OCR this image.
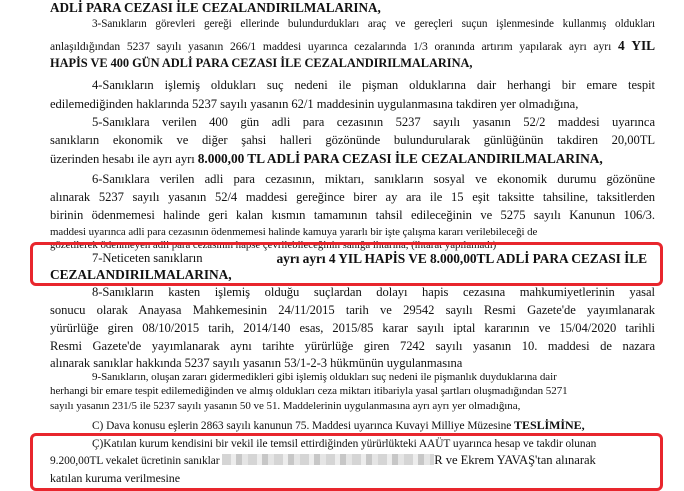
ADLİ PARA CEZASI İLE CEZALANDIRILMALARINA,
3-Sanıkların görevleri gereği ellerinde bulundurdukları araç ve gereçleri suçun işlenmesinde kullanmış oldukları
anlaşıldığından 5237 sayılı yasanın 266/1 maddesi uyarınca cezalarında 1/3 oranında artırım yapılarak ayrı ayrı 4 YIL
HAPİS VE 400 GÜN ADLİ PARA CEZASI İLE CEZALANDIRILMALARINA,
4-Sanıkların işlemiş oldukları suç nedeni ile pişman olduklarına dair herhangi bir emare tespit
edilemediğinden haklarında 5237 sayılı yasanın 62/1 maddesinin uygulanmasına takdiren yer olmadığına,
5-Sanıklara verilen 400 gün adli para cezasının 5237 sayılı yasanın 52/2 maddesi uyarınca
sanıkların ekonomik ve diğer şahsi halleri gözönünde bulundurularak günlüğünün takdiren 20,00TL
üzerinden hesabı ile ayrı ayrı 8.000,00 TL ADLİ PARA CEZASI İLE CEZALANDIRILMALARINA,
6-Sanıklara verilen adli para cezasının, miktarı, sanıkların sosyal ve ekonomik durumu gözönüne
alınarak 5237 sayılı yasanın 52/4 maddesi gereğince birer ay ara ile 15 eşit taksitte tahsiline, taksitlerden
birinin ödenmemesi halinde geri kalan kısmın tamamının tahsil edileceğinin ve 5275 sayılı Kanunun 106/3.
maddesi uyarınca adli para cezasının ödenmemesi halinde kamuya yararlı bir işte çalışma kararı verilebileceği de
gözetilerek ödenmeyen adli para cezasının hapse çevrilebileceğinin sanığa ihtarına, (ihtarat yapılamadı)
7-Neticeten sanıkların	ayrı ayrı 4 YIL HAPİS VE 8.000,00TL ADLİ PARA CEZASI İLE
CEZALANDIRILMALARINA,
8-Sanıkların kasten işlemiş olduğu suçlardan dolayı hapis cezasına mahkumiyetlerinin yasal
sonucu olarak Anayasa Mahkemesinin 24/11/2015 tarih ve 29542 sayılı Resmi Gazete'de yayımlanarak
yürürlüğe giren 08/10/2015 tarih, 2014/140 esas, 2015/85 karar sayılı iptal kararının ve 15/04/2020 tarihli
Resmi Gazete'de yayımlanarak aynı tarihte yürürlüğe giren 7242 sayılı yasanın 10. maddesi de nazara
alınarak sanıklar hakkında 5237 sayılı yasanın 53/1-2-3 hükmünün uygulanmasına
9-Sanıkların, oluşan zararı gidermedikleri gibi işlemiş oldukları suç nedeni ile pişmanlık duyduklarına dair
herhangi bir emare tespit edilemediğinden ve almış oldukları ceza miktarı itibariyla yasal şartları oluşmadığından 5271
sayılı yasanın 231/5 ile 5237 sayılı yasanın 50 ve 51. Maddelerinin uygulanmasına ayrı ayrı yer olmadığına,
C) Dava konusu eşlerin 2863 sayılı kanunun 75. Maddesi uyarınca Kuvayi Milliye Müzesine TESLİMİNE,
Ç)Katılan kurum kendisini bir vekil ile temsil ettirdiğinden yürürlükteki AAÜT uyarınca hesap ve takdir olunan
9.200,00TL vekalet ücretinin sanıklar	R ve Ekrem YAVAŞ'tan alınarak
katılan kuruma verilmesine
